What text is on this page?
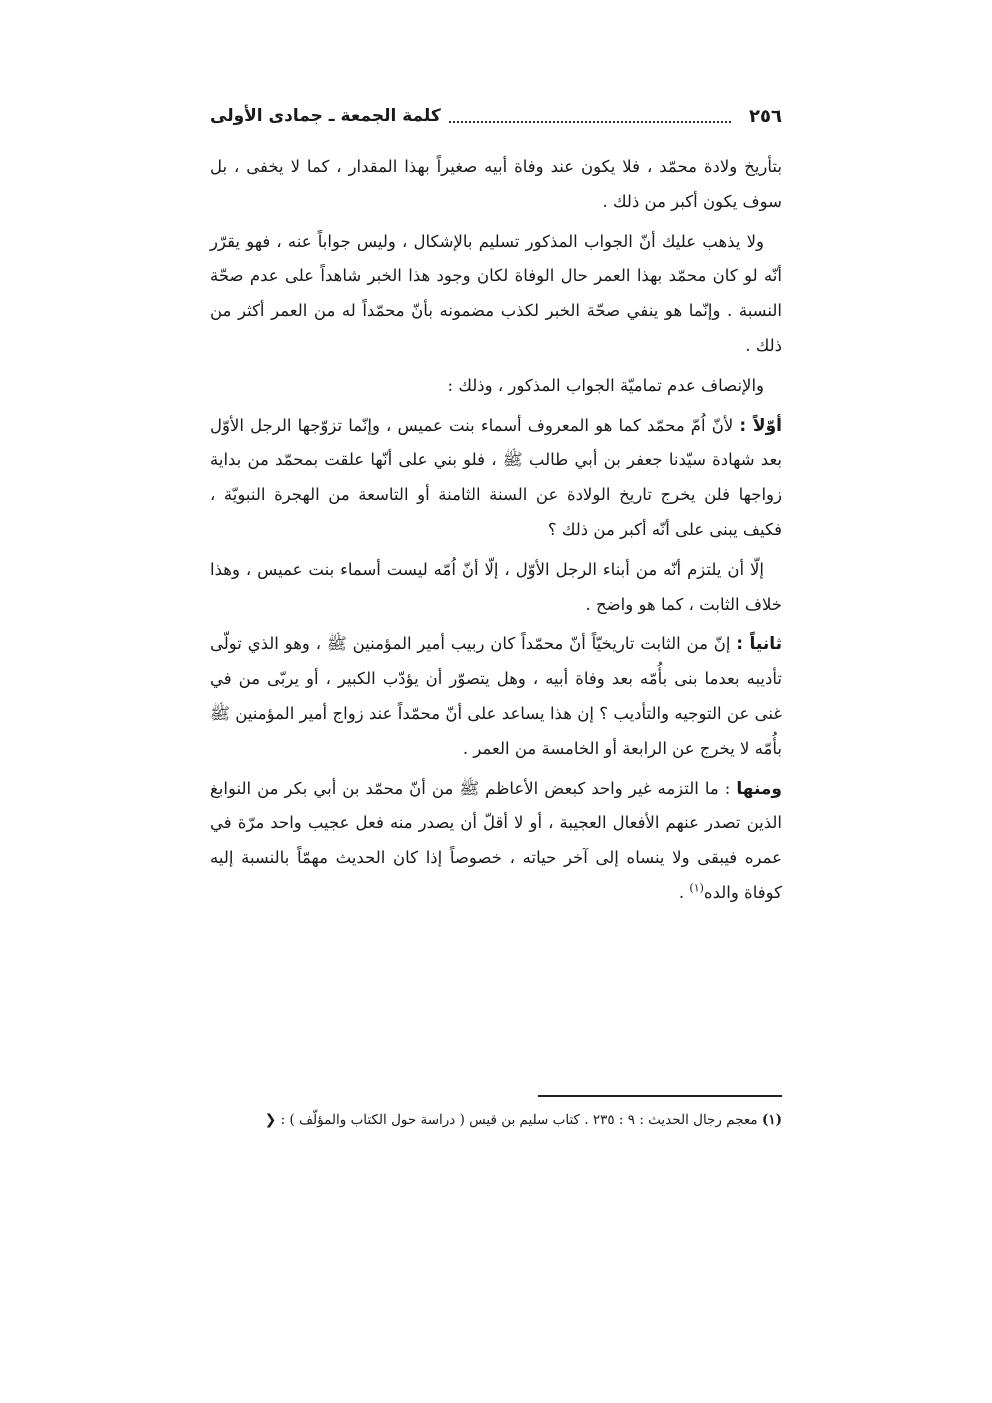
٢٥٦
كلمة الجمعة ـ جمادى الأولى

بتأريخ ولادة محمّد ، فلا يكون عند وفاة أبيه صغيراً بهذا المقدار ، كما لا يخفى ، بل سوف يكون أكبر من ذلك .

ولا يذهب عليك أنّ الجواب المذكور تسليم بالإشكال ، وليس جواباً عنه ، فهو يقرّر أنّه لو كان محمّد بهذا العمر حال الوفاة لكان وجود هذا الخبر شاهداً على عدم صحّة النسبة . وإنّما هو ينفي صحّة الخبر لكذب مضمونه بأنّ محمّداً له من العمر أكثر من ذلك .

والإنصاف عدم تماميّة الجواب المذكور ، وذلك :

أوّلاً : لأنّ اُمّ محمّد كما هو المعروف أسماء بنت عميس ، وإنّما تزوّجها الرجل الأوّل بعد شهادة سيّدنا جعفر بن أبي طالب ﷺ ، فلو بني على أنّها علقت بمحمّد من بداية زواجها فلن يخرج تاريخ الولادة عن السنة الثامنة أو التاسعة من الهجرة النبويّة ، فكيف يبنى على أنّه أكبر من ذلك ؟

إلّا أن يلتزم أنّه من أبناء الرجل الأوّل ، إلّا أنّ اُمّه ليست أسماء بنت عميس ، وهذا خلاف الثابت ، كما هو واضح .

ثانياً : إنّ من الثابت تاريخيّاً أنّ محمّداً كان ربيب أمير المؤمنين ﷺ ، وهو الذي تولّى تأديبه بعدما بنى بأُمّه بعد وفاة أبيه ، وهل يتصوّر أن يؤدّب الكبير ، أو يربّى من في غنى عن التوجيه والتأديب ؟ إن هذا يساعد على أنّ محمّداً عند زواج أمير المؤمنين ﷺ بأُمّه لا يخرج عن الرابعة أو الخامسة من العمر .

ومنها : ما التزمه غير واحد كبعض الأعاظم ﷺ من أنّ محمّد بن أبي بكر من النوابغ الذين تصدر عنهم الأفعال العجيبة ، أو لا أقلّ أن يصدر منه فعل عجيب واحد مرّة في عمره فيبقى ولا ينساه إلى آخر حياته ، خصوصاً إذا كان الحديث مهمّاً بالنسبة إليه كوفاة والده$^{(١)}$ .

(١) معجم رجال الحديث : ٩ : ٢٣٥ . كتاب سليم بن قيس ( دراسة حول الكتاب والمؤلّف ) : ❮
